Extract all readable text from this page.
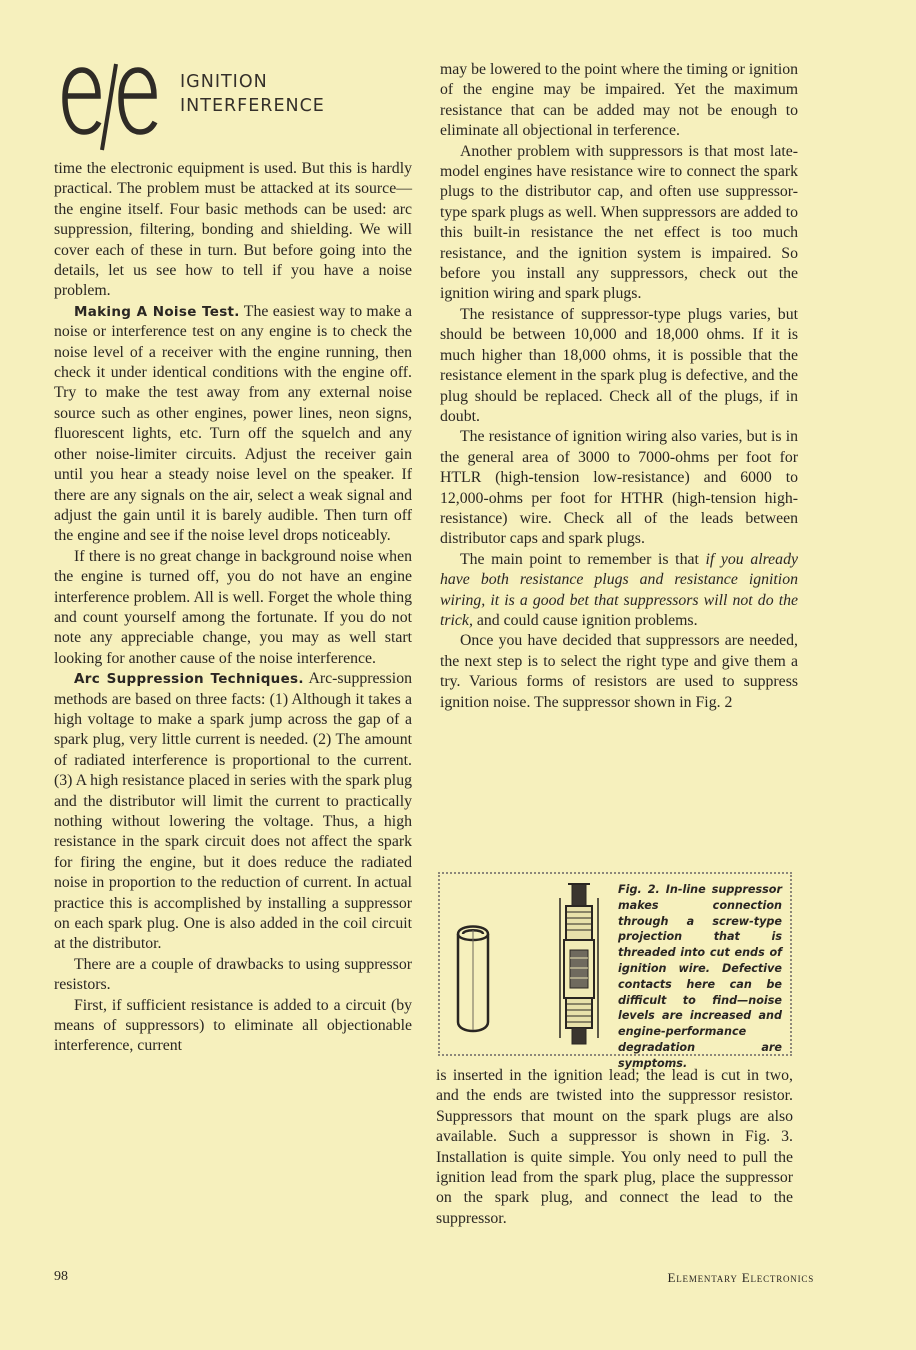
IGNITION
INTERFERENCE

time the electronic equipment is used. But this is hardly practical. The problem must be attacked at its source—the engine itself. Four basic methods can be used: arc suppression, filtering, bonding and shielding. We will cover each of these in turn. But before going into the details, let us see how to tell if you have a noise problem.

Making A Noise Test. The easiest way to make a noise or interference test on any engine is to check the noise level of a receiver with the engine running, then check it under identical conditions with the engine off. Try to make the test away from any external noise source such as other engines, power lines, neon signs, fluorescent lights, etc. Turn off the squelch and any other noise-limiter circuits. Adjust the receiver gain until you hear a steady noise level on the speaker. If there are any signals on the air, select a weak signal and adjust the gain until it is barely audible. Then turn off the engine and see if the noise level drops noticeably.

If there is no great change in background noise when the engine is turned off, you do not have an engine interference problem. All is well. Forget the whole thing and count yourself among the fortunate. If you do not note any appreciable change, you may as well start looking for another cause of the noise interference.

Arc Suppression Techniques. Arc-suppression methods are based on three facts: (1) Although it takes a high voltage to make a spark jump across the gap of a spark plug, very little current is needed. (2) The amount of radiated interference is proportional to the current. (3) A high resistance placed in series with the spark plug and the distributor will limit the current to practically nothing without lowering the voltage. Thus, a high resistance in the spark circuit does not affect the spark for firing the engine, but it does reduce the radiated noise in proportion to the reduction of current. In actual practice this is accomplished by installing a suppressor on each spark plug. One is also added in the coil circuit at the distributor.

There are a couple of drawbacks to using suppressor resistors.

First, if sufficient resistance is added to a circuit (by means of suppressors) to eliminate all objectionable interference, current

may be lowered to the point where the timing or ignition of the engine may be impaired. Yet the maximum resistance that can be added may not be enough to eliminate all objectional in terference.

Another problem with suppressors is that most late-model engines have resistance wire to connect the spark plugs to the distributor cap, and often use suppressor-type spark plugs as well. When suppressors are added to this built-in resistance the net effect is too much resistance, and the ignition system is impaired. So before you install any suppressors, check out the ignition wiring and spark plugs.

The resistance of suppressor-type plugs varies, but should be between 10,000 and 18,000 ohms. If it is much higher than 18,000 ohms, it is possible that the resistance element in the spark plug is defective, and the plug should be replaced. Check all of the plugs, if in doubt.

The resistance of ignition wiring also varies, but is in the general area of 3000 to 7000-ohms per foot for HTLR (high-tension low-resistance) and 6000 to 12,000-ohms per foot for HTHR (high-tension high-resistance) wire. Check all of the leads between distributor caps and spark plugs.

The main point to remember is that if you already have both resistance plugs and resistance ignition wiring, it is a good bet that suppressors will not do the trick, and could cause ignition problems.

Once you have decided that suppressors are needed, the next step is to select the right type and give them a try. Various forms of resistors are used to suppress ignition noise. The suppressor shown in Fig. 2

Fig. 2. In-line suppressor makes connection through a screw-type projection that is threaded into cut ends of ignition wire. Defective contacts here can be difficult to find—noise levels are increased and engine-performance degradation are symptoms.

is inserted in the ignition lead; the lead is cut in two, and the ends are twisted into the suppressor resistor. Suppressors that mount on the spark plugs are also available. Such a suppressor is shown in Fig. 3. Installation is quite simple. You only need to pull the ignition lead from the spark plug, place the suppressor on the spark plug, and connect the lead to the suppressor.

98	Elementary Electronics
